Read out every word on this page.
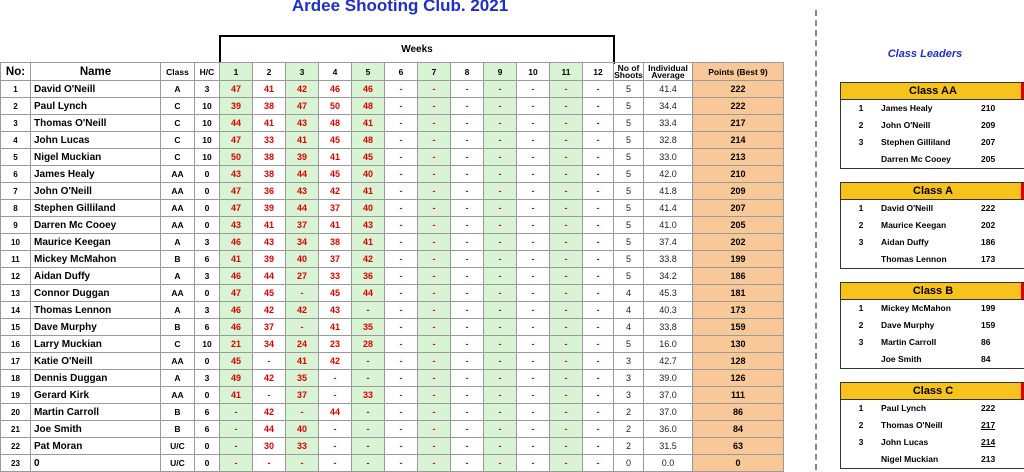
Ardee Shooting Club. 2021
Weeks
No:	Name	Class	H/C	1	2	3	4	5	6	7	8	9	10	11	12	No of Shoots	Individual Average	Points (Best 9)
1	David O'Neill	A	3	47	41	42	46	46	-	-	-	-	-	-	-	5	41.4	222
2	Paul Lynch	C	10	39	38	47	50	48	-	-	-	-	-	-	-	5	34.4	222
3	Thomas O'Neill	C	10	44	41	43	48	41	-	-	-	-	-	-	-	5	33.4	217
4	John Lucas	C	10	47	33	41	45	48	-	-	-	-	-	-	-	5	32.8	214
5	Nigel Muckian	C	10	50	38	39	41	45	-	-	-	-	-	-	-	5	33.0	213
6	James Healy	AA	0	43	38	44	45	40	-	-	-	-	-	-	-	5	42.0	210
7	John O'Neill	AA	0	47	36	43	42	41	-	-	-	-	-	-	-	5	41.8	209
8	Stephen Gilliland	AA	0	47	39	44	37	40	-	-	-	-	-	-	-	5	41.4	207
9	Darren Mc Cooey	AA	0	43	41	37	41	43	-	-	-	-	-	-	-	5	41.0	205
10	Maurice Keegan	A	3	46	43	34	38	41	-	-	-	-	-	-	-	5	37.4	202
11	Mickey McMahon	B	6	41	39	40	37	42	-	-	-	-	-	-	-	5	33.8	199
12	Aidan Duffy	A	3	46	44	27	33	36	-	-	-	-	-	-	-	5	34.2	186
13	Connor Duggan	AA	0	47	45	-	45	44	-	-	-	-	-	-	-	4	45.3	181
14	Thomas Lennon	A	3	46	42	42	43	-	-	-	-	-	-	-	-	4	40.3	173
15	Dave Murphy	B	6	46	37	-	41	35	-	-	-	-	-	-	-	4	33.8	159
16	Larry Muckian	C	10	21	34	24	23	28	-	-	-	-	-	-	-	5	16.0	130
17	Katie O'Neill	AA	0	45	-	41	42	-	-	-	-	-	-	-	-	3	42.7	128
18	Dennis Duggan	A	3	49	42	35	-	-	-	-	-	-	-	-	-	3	39.0	126
19	Gerard Kirk	AA	0	41	-	37	-	33	-	-	-	-	-	-	-	3	37.0	111
20	Martin Carroll	B	6	-	42	-	44	-	-	-	-	-	-	-	-	2	37.0	86
21	Joe Smith	B	6	-	44	40	-	-	-	-	-	-	-	-	-	2	36.0	84
22	Pat Moran	U/C	0	-	30	33	-	-	-	-	-	-	-	-	-	2	31.5	63
23	0	U/C	0	-	-	-	-	-	-	-	-	-	-	-	-	0	0.0	0
Class Leaders
Class AA
1	James Healy	210
2	John O'Neill	209
3	Stephen Gilliland	207
Darren Mc Cooey	205
Class A
1	David O'Neill	222
2	Maurice Keegan	202
3	Aidan Duffy	186
Thomas Lennon	173
Class B
1	Mickey McMahon	199
2	Dave Murphy	159
3	Martin Carroll	86
Joe Smith	84
Class C
1	Paul Lynch	222
2	Thomas O'Neill	217
3	John Lucas	214
Nigel Muckian	213
